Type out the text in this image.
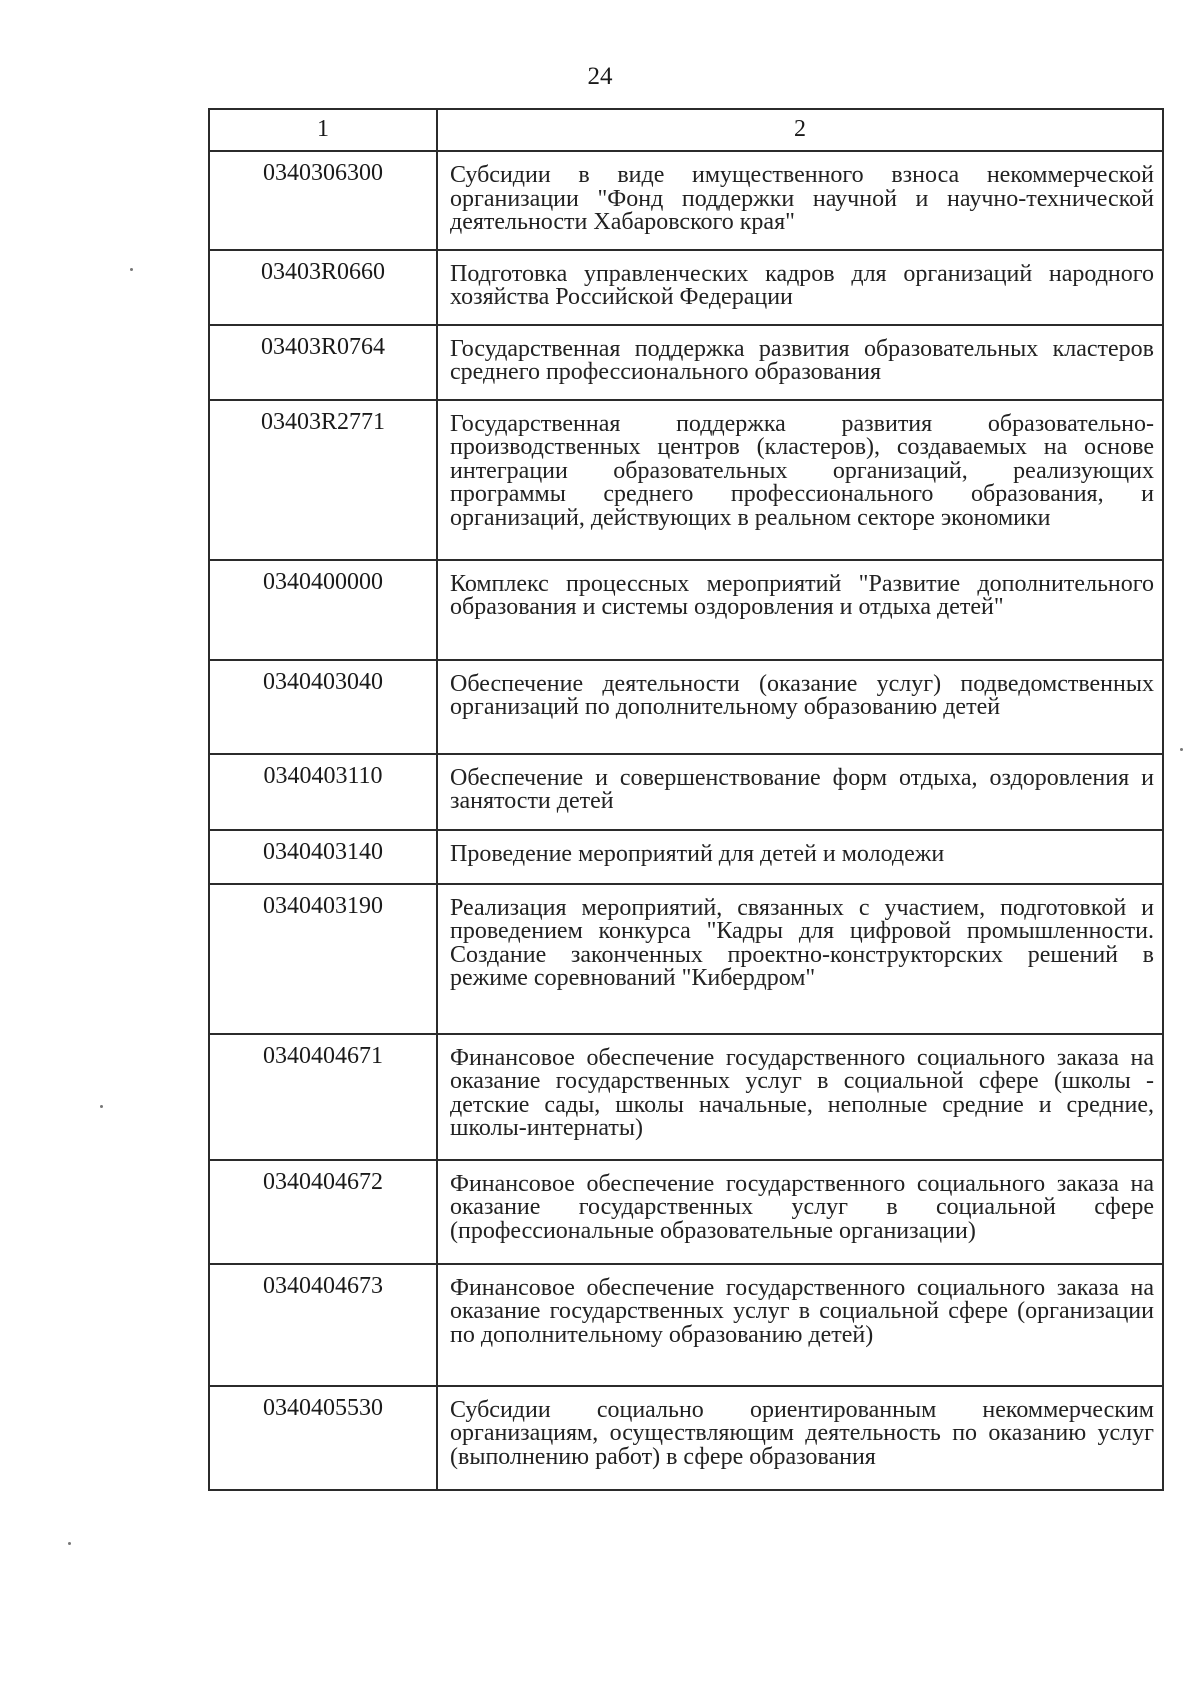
24
1	2
0340306300	Субсидии в виде имущественного взноса некоммерческой организации "Фонд поддержки научной и научно-технической деятельности Хабаровского края"
03403R0660	Подготовка управленческих кадров для организаций народного хозяйства Российской Федерации
03403R0764	Государственная поддержка развития образовательных кластеров среднего профессионального образования
03403R2771	Государственная поддержка развития образовательно-производственных центров (кластеров), создаваемых на основе интеграции образовательных организаций, реализующих программы среднего профессионального образования, и организаций, действующих в реальном секторе экономики
0340400000	Комплекс процессных мероприятий "Развитие дополнительного образования и системы оздоровления и отдыха детей"
0340403040	Обеспечение деятельности (оказание услуг) подведомственных организаций по дополнительному образованию детей
0340403110	Обеспечение и совершенствование форм отдыха, оздоровления и занятости детей
0340403140	Проведение мероприятий для детей и молодежи
0340403190	Реализация мероприятий, связанных с участием, подготовкой и проведением конкурса "Кадры для цифровой промышленности. Создание законченных проектно-конструкторских решений в режиме соревнований "Кибердром"
0340404671	Финансовое обеспечение государственного социального заказа на оказание государственных услуг в социальной сфере (школы - детские сады, школы начальные, неполные средние и средние, школы-интернаты)
0340404672	Финансовое обеспечение государственного социального заказа на оказание государственных услуг в социальной сфере (профессиональные образовательные организации)
0340404673	Финансовое обеспечение государственного социального заказа на оказание государственных услуг в социальной сфере (организации по дополнительному образованию детей)
0340405530	Субсидии социально ориентированным некоммерческим организациям, осуществляющим деятельность по оказанию услуг (выполнению работ) в сфере образования
